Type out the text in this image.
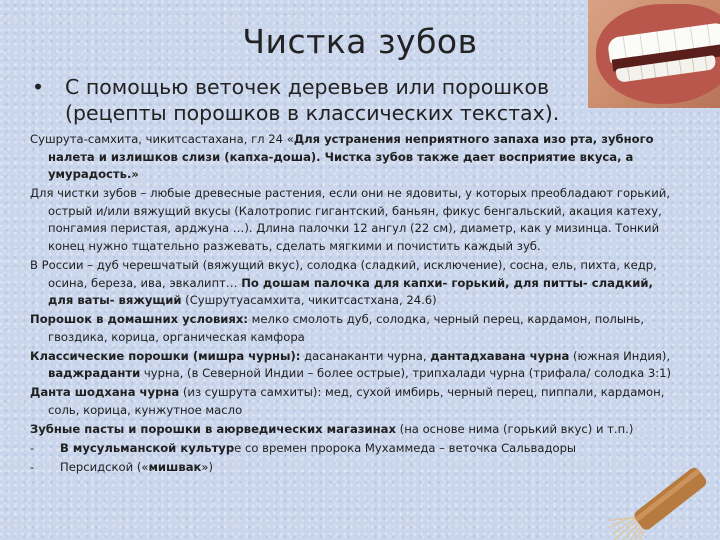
Чистка зубов
• С помощью веточек деревьев или порошков (рецепты порошков в классических текстах).
Сушрута-самхита, чикитсастахана, гл 24 «Для устранения неприятного запаха изо рта, зубного налета и излишков слизи (капха-доша). Чистка зубов также дает восприятие вкуса, а умурадость.»
Для чистки зубов – любые древесные растения, если они не ядовиты, у которых преобладают горький, острый и/или вяжущий вкусы (Калотропис гигантский, баньян, фикус бенгальский, акация катеху, понгамия перистая, арджуна …). Длина палочки 12 ангул (22 см), диаметр, как у мизинца. Тонкий конец нужно тщательно разжевать, сделать мягкими и почистить каждый зуб.
В России – дуб черешчатый (вяжущий вкус), солодка (сладкий, исключение), сосна, ель, пихта, кедр, осина, береза, ива, эвкалипт… По дошам палочка для капхи- горький, для питты- сладкий, для ваты- вяжущий (Сушрутуасамхита, чикитсастхана, 24.6)
Порошок в домашних условиях: мелко смолоть дуб, солодка, черный перец, кардамон, полынь, гвоздика, корица, органическая камфора
Классические порошки (мишра чурны): дасанаканти чурна, дантадхавана чурна (южная Индия), ваджраданти чурна, (в Северной Индии – более острые), трипхалади чурна (трифала/ солодка 3:1)
Данта шодхана чурна (из сушрута самхиты): мед, сухой имбирь, черный перец, пиппали, кардамон, соль, корица, кунжутное масло
Зубные пасты и порошки в аюрведических магазинах (на основе нима (горький вкус) и т.п.)
- В мусульманской культуре со времен пророка Мухаммеда – веточка Сальвадоры
- Персидской («мишвак»)
